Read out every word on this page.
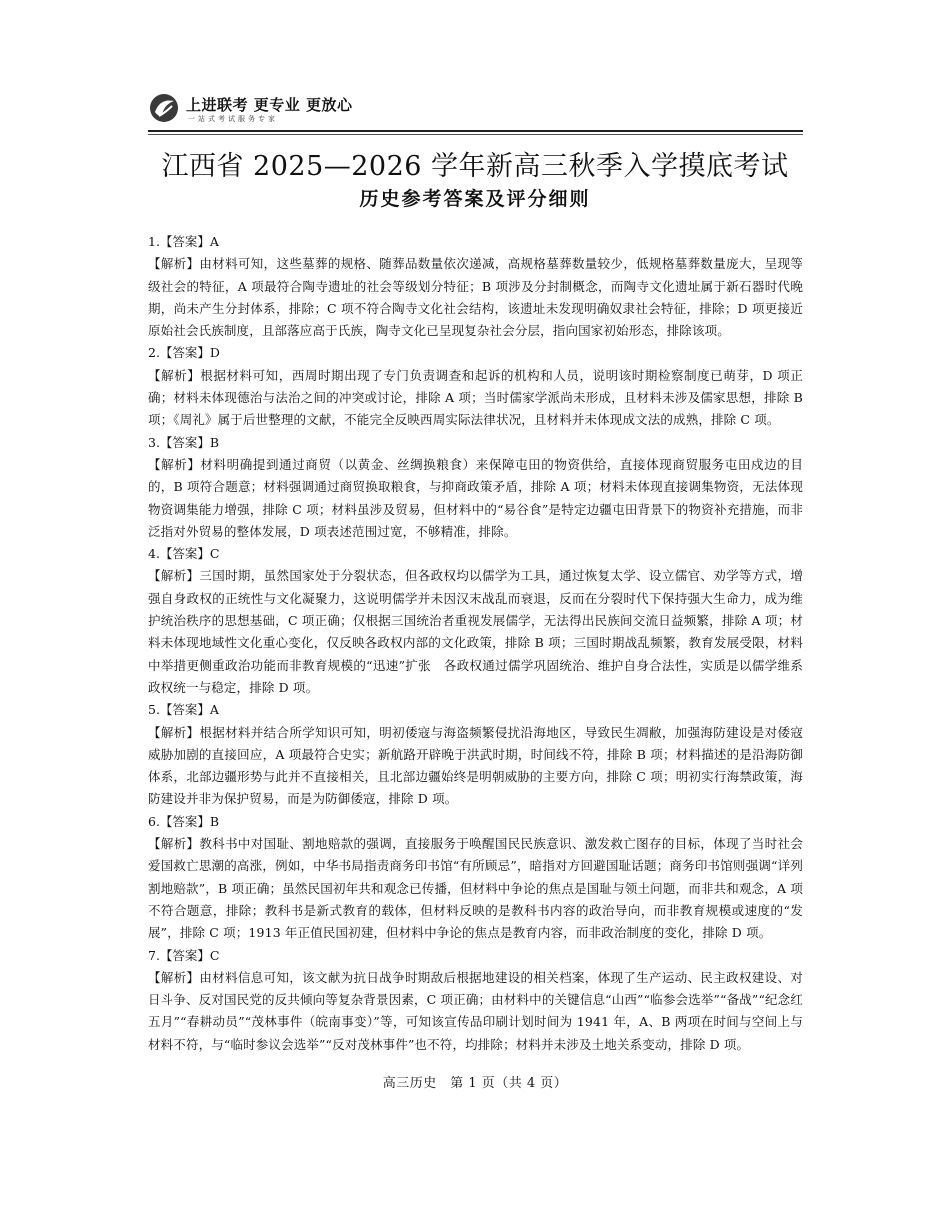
上进联考 更专业 更放心
一站式考试服务专家
江西省 2025—2026 学年新高三秋季入学摸底考试
历史参考答案及评分细则
1.【答案】A
【解析】由材料可知，这些墓葬的规格、随葬品数量依次递减，高规格墓葬数量较少，低规格墓葬数量庞大，呈现等级社会的特征，A 项最符合陶寺遗址的社会等级划分特征；B 项涉及分封制概念，而陶寺文化遗址属于新石器时代晚期，尚未产生分封体系，排除；C 项不符合陶寺文化社会结构，该遗址未发现明确奴隶社会特征，排除；D 项更接近原始社会氏族制度，且部落应高于氏族，陶寺文化已呈现复杂社会分层，指向国家初始形态，排除该项。
2.【答案】D
【解析】根据材料可知，西周时期出现了专门负责调查和起诉的机构和人员，说明该时期检察制度已萌芽，D 项正确；材料未体现德治与法治之间的冲突或讨论，排除 A 项；当时儒家学派尚未形成，且材料未涉及儒家思想，排除 B 项；《周礼》属于后世整理的文献，不能完全反映西周实际法律状况，且材料并未体现成文法的成熟，排除 C 项。
3.【答案】B
【解析】材料明确提到通过商贸（以黄金、丝绸换粮食）来保障屯田的物资供给，直接体现商贸服务屯田戍边的目的，B 项符合题意；材料强调通过商贸换取粮食，与抑商政策矛盾，排除 A 项；材料未体现直接调集物资，无法体现物资调集能力增强，排除 C 项；材料虽涉及贸易，但材料中的“易谷食”是特定边疆屯田背景下的物资补充措施，而非泛指对外贸易的整体发展，D 项表述范围过宽，不够精准，排除。
4.【答案】C
【解析】三国时期，虽然国家处于分裂状态，但各政权均以儒学为工具，通过恢复太学、设立儒官、劝学等方式，增强自身政权的正统性与文化凝聚力，这说明儒学并未因汉末战乱而衰退，反而在分裂时代下保持强大生命力，成为维护统治秩序的思想基础，C 项正确；仅根据三国统治者重视发展儒学，无法得出民族间交流日益频繁，排除 A 项；材料未体现地域性文化重心变化，仅反映各政权内部的文化政策，排除 B 项；三国时期战乱频繁，教育发展受限，材料中举措更侧重政治功能而非教育规模的“迅速”扩张　各政权通过儒学巩固统治、维护自身合法性，实质是以儒学维系政权统一与稳定，排除 D 项。
5.【答案】A
【解析】根据材料并结合所学知识可知，明初倭寇与海盗频繁侵扰沿海地区，导致民生凋敝，加强海防建设是对倭寇威胁加剧的直接回应，A 项最符合史实；新航路开辟晚于洪武时期，时间线不符，排除 B 项；材料描述的是沿海防御体系，北部边疆形势与此并不直接相关，且北部边疆始终是明朝威胁的主要方向，排除 C 项；明初实行海禁政策，海防建设并非为保护贸易，而是为防御倭寇，排除 D 项。
6.【答案】B
【解析】教科书中对国耻、割地赔款的强调，直接服务于唤醒国民民族意识、激发救亡图存的目标，体现了当时社会爱国救亡思潮的高涨，例如，中华书局指责商务印书馆“有所顾忌”，暗指对方回避国耻话题；商务印书馆则强调“详列割地赔款”，B 项正确；虽然民国初年共和观念已传播，但材料中争论的焦点是国耻与领土问题，而非共和观念，A 项不符合题意，排除；教科书是新式教育的载体，但材料反映的是教科书内容的政治导向，而非教育规模或速度的“发展”，排除 C 项；1913 年正值民国初建，但材料中争论的焦点是教育内容，而非政治制度的变化，排除 D 项。
7.【答案】C
【解析】由材料信息可知，该文献为抗日战争时期敌后根据地建设的相关档案，体现了生产运动、民主政权建设、对日斗争、反对国民党的反共倾向等复杂背景因素，C 项正确；由材料中的关键信息“山西”“临参会选举”“备战”“纪念红五月”“春耕动员”“茂林事件（皖南事变）”等，可知该宣传品印刷计划时间为 1941 年，A、B 两项在时间与空间上与材料不符，与“临时参议会选举”“反对茂林事件”也不符，均排除；材料并未涉及土地关系变动，排除 D 项。
高三历史　第 1 页（共 4 页）
